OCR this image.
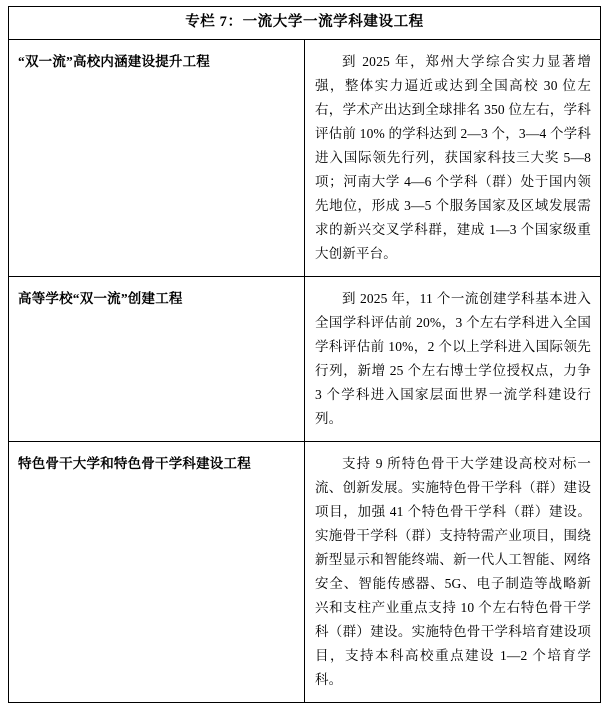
专栏 7：一流大学一流学科建设工程	

“双一流”高校内涵建设提升工程	到 2025 年，郑州大学综合实力显著增强，整体实力逼近或达到全国高校 30 位左右，学术产出达到全球排名 350 位左右，学科评估前 10% 的学科达到 2—3 个，3—4 个学科进入国际领先行列，获国家科技三大奖 5—8 项；河南大学 4—6 个学科（群）处于国内领先地位，形成 3—5 个服务国家及区域发展需求的新兴交叉学科群，建成 1—3 个国家级重大创新平台。

高等学校“双一流”创建工程	到 2025 年，11 个一流创建学科基本进入全国学科评估前 20%，3 个左右学科进入全国学科评估前 10%，2 个以上学科进入国际领先行列，新增 25 个左右博士学位授权点，力争 3 个学科进入国家层面世界一流学科建设行列。

特色骨干大学和特色骨干学科建设工程	支持 9 所特色骨干大学建设高校对标一流、创新发展。实施特色骨干学科（群）建设项目，加强 41 个特色骨干学科（群）建设。实施骨干学科（群）支持特需产业项目，围绕新型显示和智能终端、新一代人工智能、网络安全、智能传感器、5G、电子制造等战略新兴和支柱产业重点支持 10 个左右特色骨干学科（群）建设。实施特色骨干学科培育建设项目，支持本科高校重点建设 1—2 个培育学科。
